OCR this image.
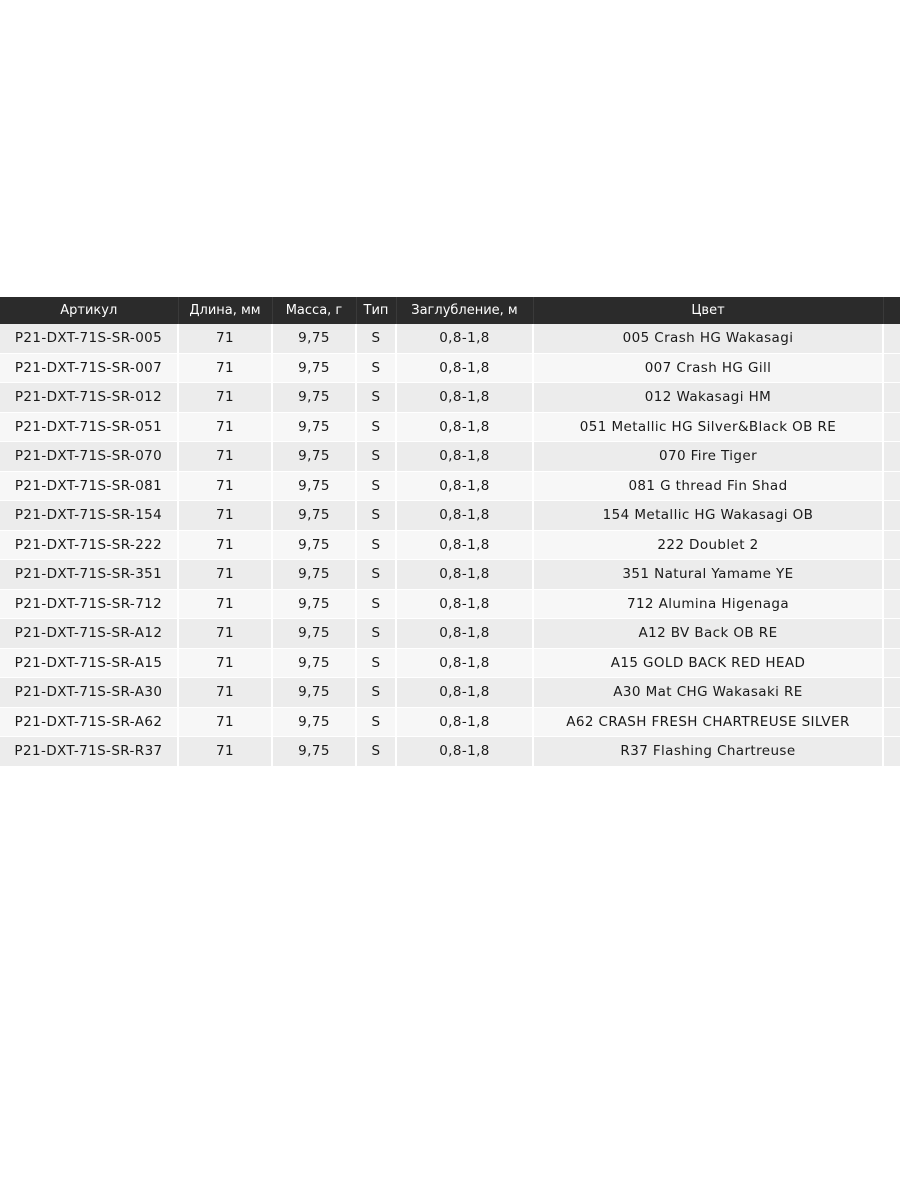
Артикул	Длина, мм	Масса, г	Тип	Заглубление, м	Цвет	
P21-DXT-71S-SR-005	71	9,75	S	0,8-1,8	005 Crash HG Wakasagi	
P21-DXT-71S-SR-007	71	9,75	S	0,8-1,8	007 Crash HG Gill	
P21-DXT-71S-SR-012	71	9,75	S	0,8-1,8	012 Wakasagi HM	
P21-DXT-71S-SR-051	71	9,75	S	0,8-1,8	051 Metallic HG Silver&Black OB RE	
P21-DXT-71S-SR-070	71	9,75	S	0,8-1,8	070 Fire Tiger	
P21-DXT-71S-SR-081	71	9,75	S	0,8-1,8	081 G thread Fin Shad	
P21-DXT-71S-SR-154	71	9,75	S	0,8-1,8	154 Metallic HG Wakasagi OB	
P21-DXT-71S-SR-222	71	9,75	S	0,8-1,8	222 Doublet 2	
P21-DXT-71S-SR-351	71	9,75	S	0,8-1,8	351 Natural Yamame YE	
P21-DXT-71S-SR-712	71	9,75	S	0,8-1,8	712 Alumina Higenaga	
P21-DXT-71S-SR-A12	71	9,75	S	0,8-1,8	A12 BV Back OB RE	
P21-DXT-71S-SR-A15	71	9,75	S	0,8-1,8	A15 GOLD BACK RED HEAD	
P21-DXT-71S-SR-A30	71	9,75	S	0,8-1,8	A30 Mat CHG Wakasaki RE	
P21-DXT-71S-SR-A62	71	9,75	S	0,8-1,8	A62 CRASH FRESH CHARTREUSE SILVER	
P21-DXT-71S-SR-R37	71	9,75	S	0,8-1,8	R37 Flashing Chartreuse	
